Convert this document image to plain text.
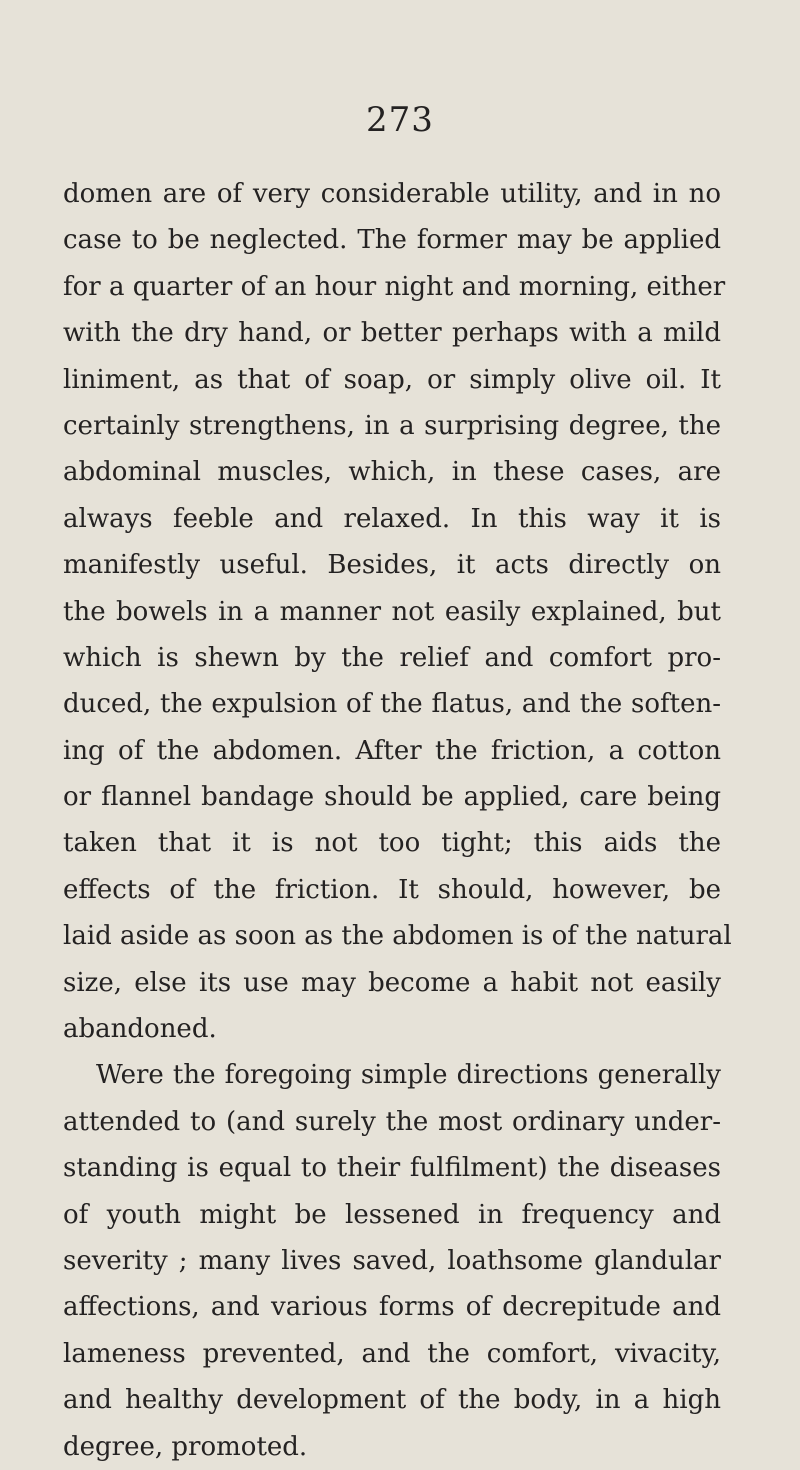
273
domen are of very considerable utility, and in no
case to be neglected. The former may be applied
for a quarter of an hour night and morning, either
with the dry hand, or better perhaps with a mild
liniment, as that of soap, or simply olive oil. It
certainly strengthens, in a surprising degree, the
abdominal muscles, which, in these cases, are
always feeble and relaxed. In this way it is
manifestly useful. Besides, it acts directly on
the bowels in a manner not easily explained, but
which is shewn by the relief and comfort pro-
duced, the expulsion of the flatus, and the soften-
ing of the abdomen. After the friction, a cotton
or flannel bandage should be applied, care being
taken that it is not too tight; this aids the
effects of the friction. It should, however, be
laid aside as soon as the abdomen is of the natural
size, else its use may become a habit not easily
abandoned.
Were the foregoing simple directions generally
attended to (and surely the most ordinary under-
standing is equal to their fulfilment) the diseases
of youth might be lessened in frequency and
severity ; many lives saved, loathsome glandular
affections, and various forms of decrepitude and
lameness prevented, and the comfort, vivacity,
and healthy development of the body, in a high
degree, promoted.
